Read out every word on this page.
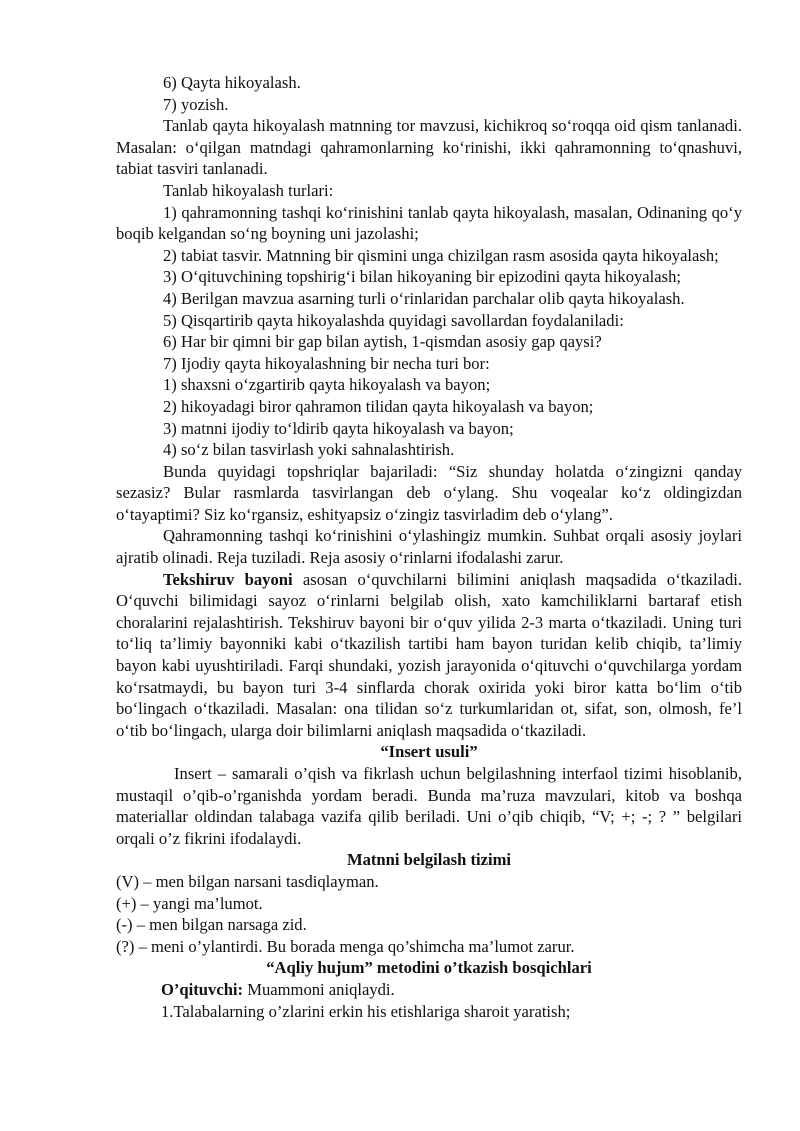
6) Qayta hikoyalash.

7) yozish.

Tanlab qayta hikoyalash matnning tor mavzusi, kichikroq so‘roqqa oid qism tanlanadi. Masalan: o‘qilgan matndagi qahramonlarning ko‘rinishi, ikki qahramonning to‘qnashuvi, tabiat tasviri tanlanadi.

Tanlab hikoyalash turlari:

1) qahramonning tashqi ko‘rinishini tanlab qayta hikoyalash, masalan, Odinaning qo‘y boqib kelgandan so‘ng boyning uni jazolashi;

2) tabiat tasvir. Matnning bir qismini unga chizilgan rasm asosida qayta hikoyalash;

3) O‘qituvchining topshirig‘i bilan hikoyaning bir epizodini qayta hikoyalash;

4) Berilgan mavzua asarning turli o‘rinlaridan parchalar olib qayta hikoyalash.

5) Qisqartirib qayta hikoyalashda quyidagi savollardan foydalaniladi:

6) Har bir qimni bir gap bilan aytish, 1-qismdan asosiy gap qaysi?

7) Ijodiy qayta hikoyalashning bir necha turi bor:

1) shaxsni o‘zgartirib qayta hikoyalash va bayon;

2) hikoyadagi biror qahramon tilidan qayta hikoyalash va bayon;

3) matnni ijodiy to‘ldirib qayta hikoyalash va bayon;

4) so‘z bilan tasvirlash yoki sahnalashtirish.

Bunda quyidagi topshriqlar bajariladi: “Siz shunday holatda o‘zingizni qanday sezasiz? Bular rasmlarda tasvirlangan deb o‘ylang. Shu voqealar ko‘z oldingizdan o‘tayaptimi? Siz ko‘rgansiz, eshityapsiz o‘zingiz tasvirladim deb o‘ylang”.

Qahramonning tashqi ko‘rinishini o‘ylashingiz mumkin. Suhbat orqali asosiy joylari ajratib olinadi. Reja tuziladi. Reja asosiy o‘rinlarni ifodalashi zarur.

Tekshiruv bayoni asosan o‘quvchilarni bilimini aniqlash maqsadida o‘tkaziladi. O‘quvchi bilimidagi sayoz o‘rinlarni belgilab olish, xato kamchiliklarni bartaraf etish choralarini rejalashtirish. Tekshiruv bayoni bir o‘quv yilida 2-3 marta o‘tkaziladi. Uning turi to‘liq ta’limiy bayonniki kabi o‘tkazilish tartibi ham bayon turidan kelib chiqib, ta’limiy bayon kabi uyushtiriladi. Farqi shundaki, yozish jarayonida o‘qituvchi o‘quvchilarga yordam ko‘rsatmaydi, bu bayon turi 3-4 sinflarda chorak oxirida yoki biror katta bo‘lim o‘tib bo‘lingach o‘tkaziladi. Masalan: ona tilidan so‘z turkumlaridan ot, sifat, son, olmosh, fe’l o‘tib bo‘lingach, ularga doir bilimlarni aniqlash maqsadida o‘tkaziladi.

“Insert usuli”

Insert – samarali o’qish va fikrlash uchun belgilashning interfaol tizimi hisoblanib, mustaqil o’qib-o’rganishda yordam beradi. Bunda ma’ruza mavzulari, kitob va boshqa materiallar oldindan talabaga vazifa qilib beriladi. Uni o’qib chiqib, “V; +; -; ? ” belgilari orqali o’z fikrini ifodalaydi.

Matnni belgilash tizimi

(V) – men bilgan narsani tasdiqlayman.

(+) – yangi ma’lumot.

(-) – men bilgan narsaga zid.

(?) – meni o’ylantirdi. Bu borada menga qo’shimcha ma’lumot zarur.

“Aqliy hujum” metodini o’tkazish bosqichlari

O’qituvchi: Muammoni aniqlaydi.

1.Talabalarning o’zlarini erkin his etishlariga sharoit yaratish;
